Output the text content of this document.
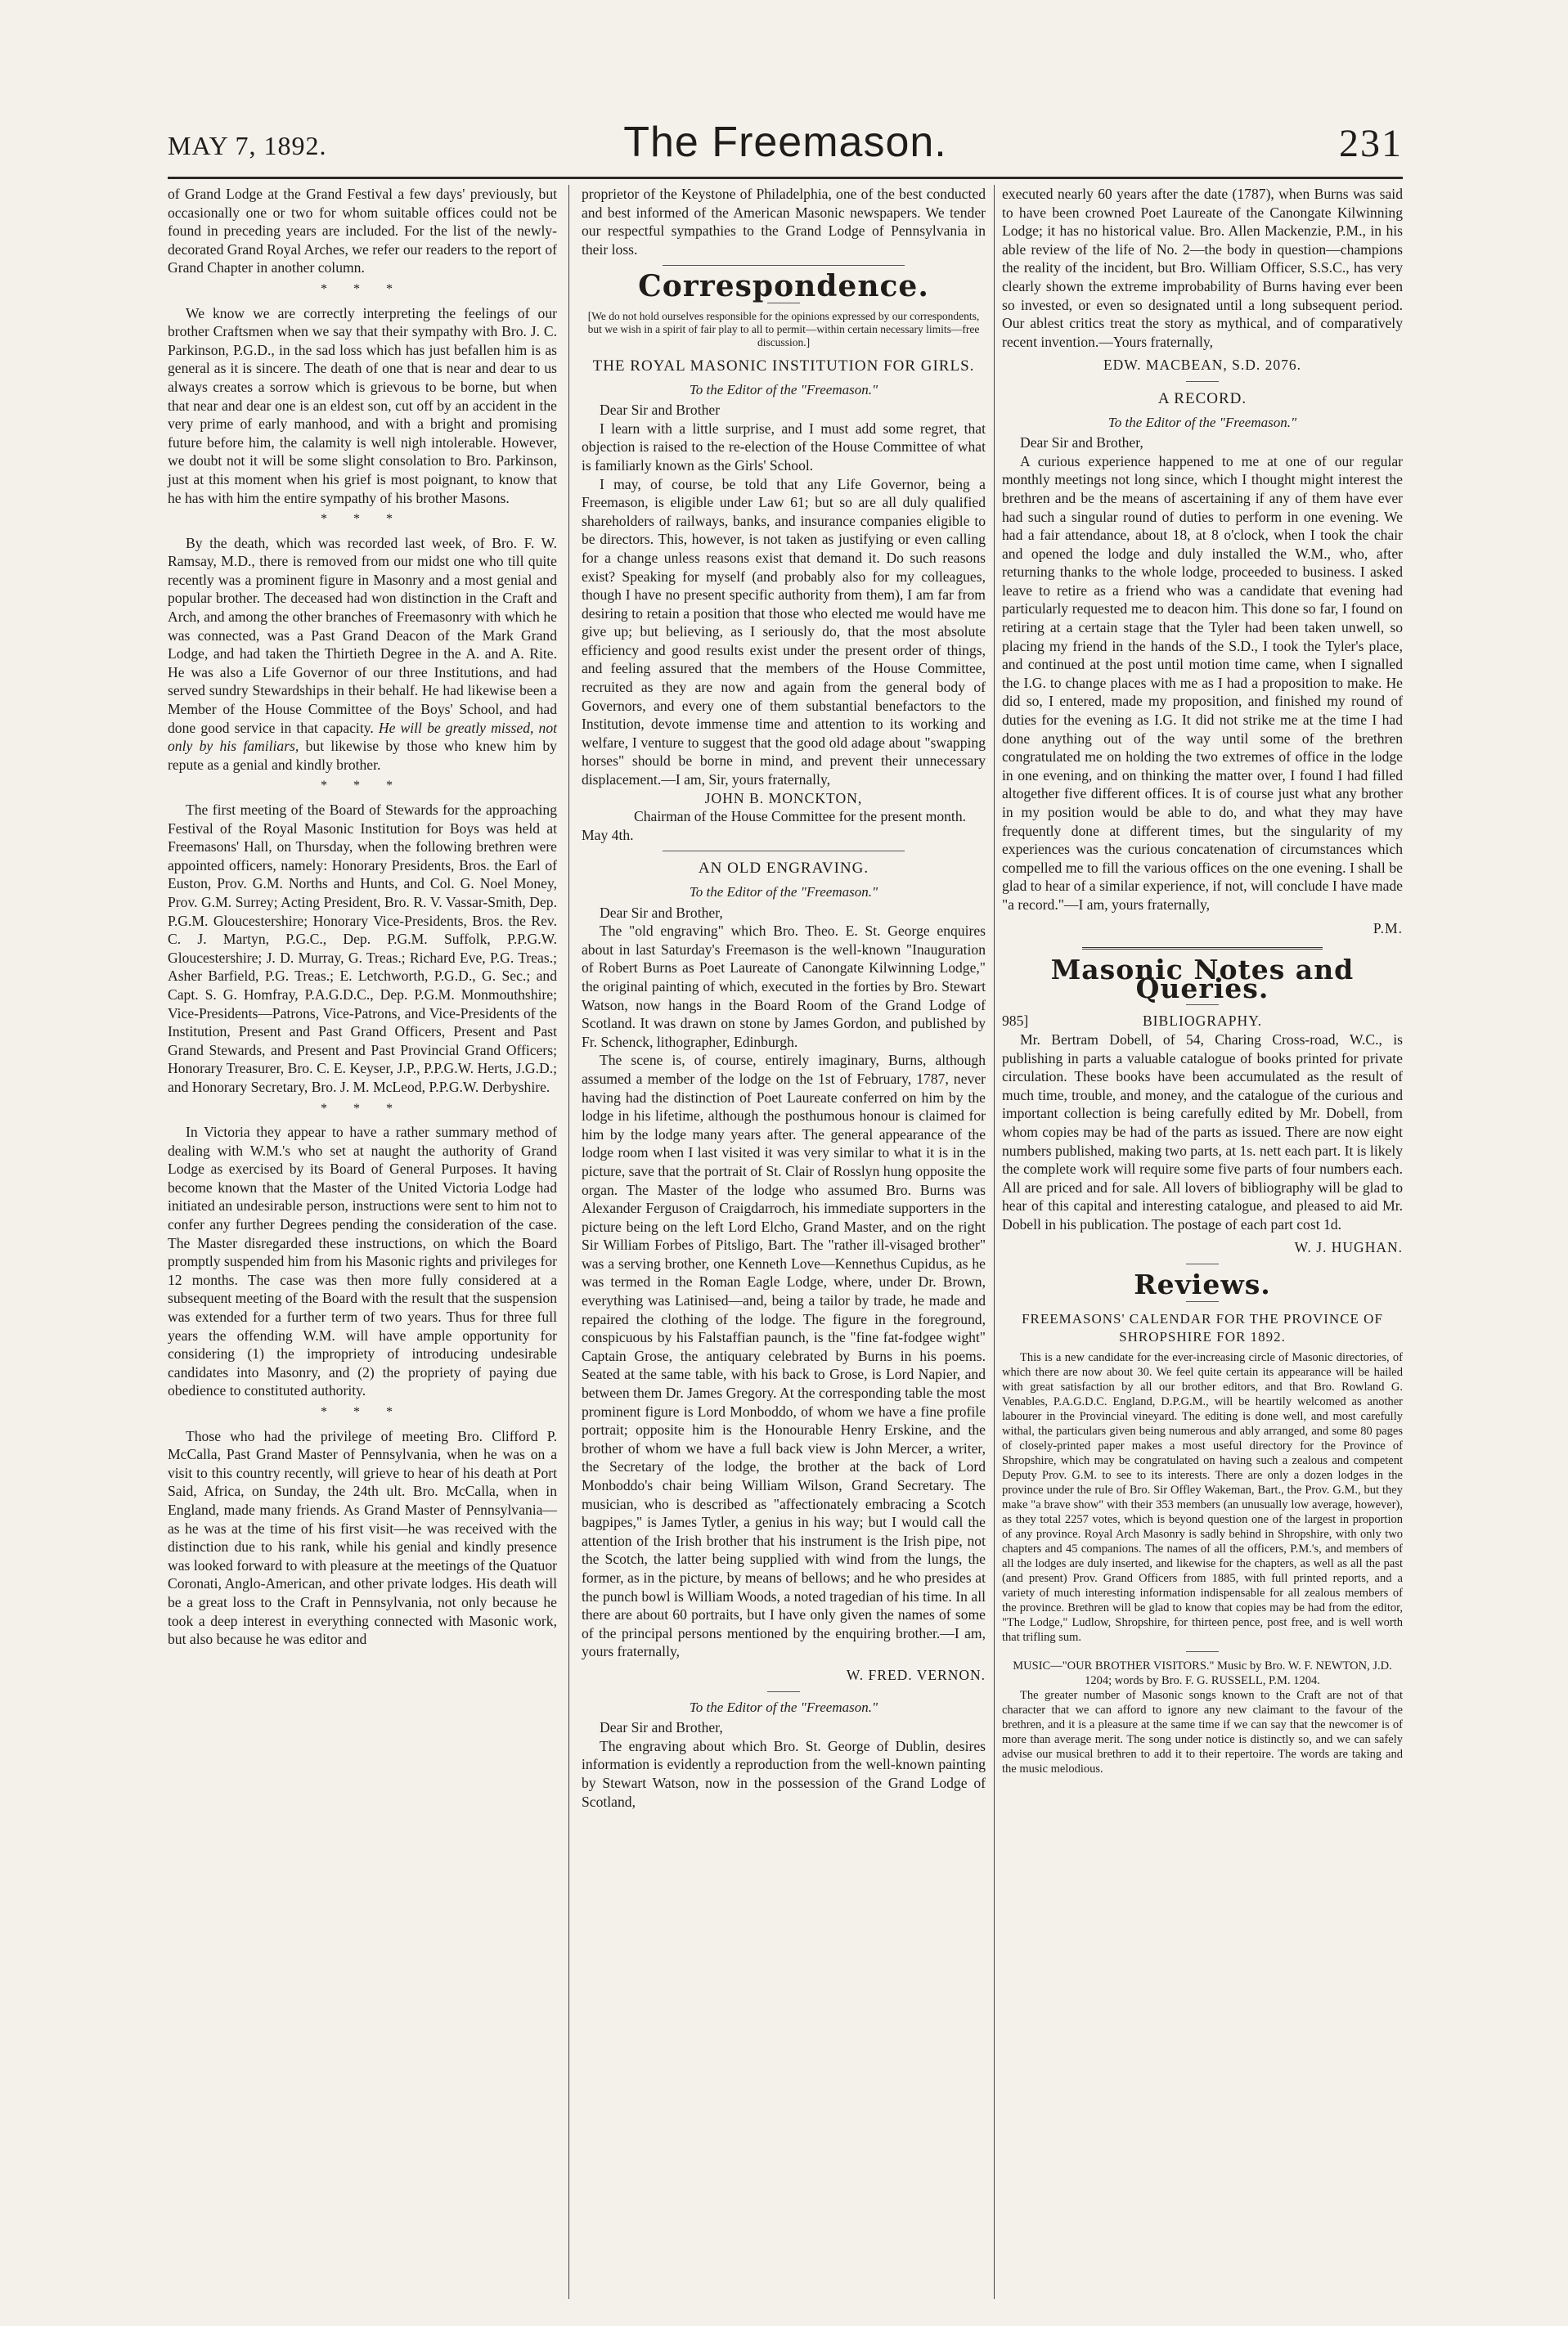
MAY 7, 1892.	The Freemason.	231

of Grand Lodge at the Grand Festival a few days' previously, but occasionally one or two for whom suitable offices could not be found in preceding years are included. For the list of the newly-decorated Grand Royal Arches, we refer our readers to the report of Grand Chapter in another column.

* * *

We know we are correctly interpreting the feelings of our brother Craftsmen when we say that their sympathy with Bro. J. C. Parkinson, P.G.D., in the sad loss which has just befallen him is as general as it is sincere. The death of one that is near and dear to us always creates a sorrow which is grievous to be borne, but when that near and dear one is an eldest son, cut off by an accident in the very prime of early manhood, and with a bright and promising future before him, the calamity is well nigh intolerable. However, we doubt not it will be some slight consolation to Bro. Parkinson, just at this moment when his grief is most poignant, to know that he has with him the entire sympathy of his brother Masons.

* * *

By the death, which was recorded last week, of Bro. F. W. Ramsay, M.D., there is removed from our midst one who till quite recently was a prominent figure in Masonry and a most genial and popular brother. The deceased had won distinction in the Craft and Arch, and among the other branches of Freemasonry with which he was connected, was a Past Grand Deacon of the Mark Grand Lodge, and had taken the Thirtieth Degree in the A. and A. Rite. He was also a Life Governor of our three Institutions, and had served sundry Stewardships in their behalf. He had likewise been a Member of the House Committee of the Boys' School, and had done good service in that capacity. He will be greatly missed, not only by his familiars, but likewise by those who knew him by repute as a genial and kindly brother.

* * *

The first meeting of the Board of Stewards for the approaching Festival of the Royal Masonic Institution for Boys was held at Freemasons' Hall, on Thursday, when the following brethren were appointed officers, namely: Honorary Presidents, Bros. the Earl of Euston, Prov. G.M. Norths and Hunts, and Col. G. Noel Money, Prov. G.M. Surrey; Acting President, Bro. R. V. Vassar-Smith, Dep. P.G.M. Gloucestershire; Honorary Vice-Presidents, Bros. the Rev. C. J. Martyn, P.G.C., Dep. P.G.M. Suffolk, P.P.G.W. Gloucestershire; J. D. Murray, G. Treas.; Richard Eve, P.G. Treas.; Asher Barfield, P.G. Treas.; E. Letchworth, P.G.D., G. Sec.; and Capt. S. G. Homfray, P.A.G.D.C., Dep. P.G.M. Monmouthshire; Vice-Presidents—Patrons, Vice-Patrons, and Vice-Presidents of the Institution, Present and Past Grand Officers, Present and Past Grand Stewards, and Present and Past Provincial Grand Officers; Honorary Treasurer, Bro. C. E. Keyser, J.P., P.P.G.W. Herts, J.G.D.; and Honorary Secretary, Bro. J. M. McLeod, P.P.G.W. Derbyshire.

* * *

In Victoria they appear to have a rather summary method of dealing with W.M.'s who set at naught the authority of Grand Lodge as exercised by its Board of General Purposes. It having become known that the Master of the United Victoria Lodge had initiated an undesirable person, instructions were sent to him not to confer any further Degrees pending the consideration of the case. The Master disregarded these instructions, on which the Board promptly suspended him from his Masonic rights and privileges for 12 months. The case was then more fully considered at a subsequent meeting of the Board with the result that the suspension was extended for a further term of two years. Thus for three full years the offending W.M. will have ample opportunity for considering (1) the impropriety of introducing undesirable candidates into Masonry, and (2) the propriety of paying due obedience to constituted authority.

* * *

Those who had the privilege of meeting Bro. Clifford P. McCalla, Past Grand Master of Pennsylvania, when he was on a visit to this country recently, will grieve to hear of his death at Port Said, Africa, on Sunday, the 24th ult. Bro. McCalla, when in England, made many friends. As Grand Master of Pennsylvania—as he was at the time of his first visit—he was received with the distinction due to his rank, while his genial and kindly presence was looked forward to with pleasure at the meetings of the Quatuor Coronati, Anglo-American, and other private lodges. His death will be a great loss to the Craft in Pennsylvania, not only because he took a deep interest in everything connected with Masonic work, but also because he was editor and

proprietor of the Keystone of Philadelphia, one of the best conducted and best informed of the American Masonic newspapers. We tender our respectful sympathies to the Grand Lodge of Pennsylvania in their loss.

Correspondence.
[We do not hold ourselves responsible for the opinions expressed by our correspondents, but we wish in a spirit of fair play to all to permit—within certain necessary limits—free discussion.]
THE ROYAL MASONIC INSTITUTION FOR GIRLS.
To the Editor of the "Freemason."

Dear Sir and Brother

I learn with a little surprise, and I must add some regret, that objection is raised to the re-election of the House Committee of what is familiarly known as the Girls' School.

I may, of course, be told that any Life Governor, being a Freemason, is eligible under Law 61; but so are all duly qualified shareholders of railways, banks, and insurance companies eligible to be directors. This, however, is not taken as justifying or even calling for a change unless reasons exist that demand it. Do such reasons exist? Speaking for myself (and probably also for my colleagues, though I have no present specific authority from them), I am far from desiring to retain a position that those who elected me would have me give up; but believing, as I seriously do, that the most absolute efficiency and good results exist under the present order of things, and feeling assured that the members of the House Committee, recruited as they are now and again from the general body of Governors, and every one of them substantial benefactors to the Institution, devote immense time and attention to its working and welfare, I venture to suggest that the good old adage about "swapping horses" should be borne in mind, and prevent their unnecessary displacement.—I am, Sir, yours fraternally,

JOHN B. MONCKTON,
Chairman of the House Committee for the present month.

May 4th.

AN OLD ENGRAVING.
To the Editor of the "Freemason."

Dear Sir and Brother,

The "old engraving" which Bro. Theo. E. St. George enquires about in last Saturday's Freemason is the well-known "Inauguration of Robert Burns as Poet Laureate of Canongate Kilwinning Lodge," the original painting of which, executed in the forties by Bro. Stewart Watson, now hangs in the Board Room of the Grand Lodge of Scotland. It was drawn on stone by James Gordon, and published by Fr. Schenck, lithographer, Edinburgh.

The scene is, of course, entirely imaginary, Burns, although assumed a member of the lodge on the 1st of February, 1787, never having had the distinction of Poet Laureate conferred on him by the lodge in his lifetime, although the posthumous honour is claimed for him by the lodge many years after. The general appearance of the lodge room when I last visited it was very similar to what it is in the picture, save that the portrait of St. Clair of Rosslyn hung opposite the organ. The Master of the lodge who assumed Bro. Burns was Alexander Ferguson of Craigdarroch, his immediate supporters in the picture being on the left Lord Elcho, Grand Master, and on the right Sir William Forbes of Pitsligo, Bart. The "rather ill-visaged brother" was a serving brother, one Kenneth Love—Kennethus Cupidus, as he was termed in the Roman Eagle Lodge, where, under Dr. Brown, everything was Latinised—and, being a tailor by trade, he made and repaired the clothing of the lodge. The figure in the foreground, conspicuous by his Falstaffian paunch, is the "fine fat-fodgee wight" Captain Grose, the antiquary celebrated by Burns in his poems. Seated at the same table, with his back to Grose, is Lord Napier, and between them Dr. James Gregory. At the corresponding table the most prominent figure is Lord Monboddo, of whom we have a fine profile portrait; opposite him is the Honourable Henry Erskine, and the brother of whom we have a full back view is John Mercer, a writer, the Secretary of the lodge, the brother at the back of Lord Monboddo's chair being William Wilson, Grand Secretary. The musician, who is described as "affectionately embracing a Scotch bagpipes," is James Tytler, a genius in his way; but I would call the attention of the Irish brother that his instrument is the Irish pipe, not the Scotch, the latter being supplied with wind from the lungs, the former, as in the picture, by means of bellows; and he who presides at the punch bowl is William Woods, a noted tragedian of his time. In all there are about 60 portraits, but I have only given the names of some of the principal persons mentioned by the enquiring brother.—I am, yours fraternally,

W. FRED. VERNON.
To the Editor of the "Freemason."

Dear Sir and Brother,

The engraving about which Bro. St. George of Dublin, desires information is evidently a reproduction from the well-known painting by Stewart Watson, now in the possession of the Grand Lodge of Scotland,

executed nearly 60 years after the date (1787), when Burns was said to have been crowned Poet Laureate of the Canongate Kilwinning Lodge; it has no historical value. Bro. Allen Mackenzie, P.M., in his able review of the life of No. 2—the body in question—champions the reality of the incident, but Bro. William Officer, S.S.C., has very clearly shown the extreme improbability of Burns having ever been so invested, or even so designated until a long subsequent period. Our ablest critics treat the story as mythical, and of comparatively recent invention.—Yours fraternally,

EDW. MACBEAN, S.D. 2076.
A RECORD.
To the Editor of the "Freemason."

Dear Sir and Brother,

A curious experience happened to me at one of our regular monthly meetings not long since, which I thought might interest the brethren and be the means of ascertaining if any of them have ever had such a singular round of duties to perform in one evening. We had a fair attendance, about 18, at 8 o'clock, when I took the chair and opened the lodge and duly installed the W.M., who, after returning thanks to the whole lodge, proceeded to business. I asked leave to retire as a friend who was a candidate that evening had particularly requested me to deacon him. This done so far, I found on retiring at a certain stage that the Tyler had been taken unwell, so placing my friend in the hands of the S.D., I took the Tyler's place, and continued at the post until motion time came, when I signalled the I.G. to change places with me as I had a proposition to make. He did so, I entered, made my proposition, and finished my round of duties for the evening as I.G. It did not strike me at the time I had done anything out of the way until some of the brethren congratulated me on holding the two extremes of office in the lodge in one evening, and on thinking the matter over, I found I had filled altogether five different offices. It is of course just what any brother in my position would be able to do, and what they may have frequently done at different times, but the singularity of my experiences was the curious concatenation of circumstances which compelled me to fill the various offices on the one evening. I shall be glad to hear of a similar experience, if not, will conclude I have made "a record."—I am, yours fraternally,

P.M.
Masonic Notes and Queries.
985]	BIBLIOGRAPHY.

Mr. Bertram Dobell, of 54, Charing Cross-road, W.C., is publishing in parts a valuable catalogue of books printed for private circulation. These books have been accumulated as the result of much time, trouble, and money, and the catalogue of the curious and important collection is being carefully edited by Mr. Dobell, from whom copies may be had of the parts as issued. There are now eight numbers published, making two parts, at 1s. nett each part. It is likely the complete work will require some five parts of four numbers each. All are priced and for sale. All lovers of bibliography will be glad to hear of this capital and interesting catalogue, and pleased to aid Mr. Dobell in his publication. The postage of each part cost 1d.

W. J. HUGHAN.
Reviews.
FREEMASONS' CALENDAR FOR THE PROVINCE OF SHROPSHIRE FOR 1892.

This is a new candidate for the ever-increasing circle of Masonic directories, of which there are now about 30. We feel quite certain its appearance will be hailed with great satisfaction by all our brother editors, and that Bro. Rowland G. Venables, P.A.G.D.C. England, D.P.G.M., will be heartily welcomed as another labourer in the Provincial vineyard. The editing is done well, and most carefully withal, the particulars given being numerous and ably arranged, and some 80 pages of closely-printed paper makes a most useful directory for the Province of Shropshire, which may be congratulated on having such a zealous and competent Deputy Prov. G.M. to see to its interests. There are only a dozen lodges in the province under the rule of Bro. Sir Offley Wakeman, Bart., the Prov. G.M., but they make "a brave show" with their 353 members (an unusually low average, however), as they total 2257 votes, which is beyond question one of the largest in proportion of any province. Royal Arch Masonry is sadly behind in Shropshire, with only two chapters and 45 companions. The names of all the officers, P.M.'s, and members of all the lodges are duly inserted, and likewise for the chapters, as well as all the past (and present) Prov. Grand Officers from 1885, with full printed reports, and a variety of much interesting information indispensable for all zealous members of the province. Brethren will be glad to know that copies may be had from the editor, "The Lodge," Ludlow, Shropshire, for thirteen pence, post free, and is well worth that trifling sum.

MUSIC—"OUR BROTHER VISITORS." Music by Bro. W. F. NEWTON, J.D. 1204; words by Bro. F. G. RUSSELL, P.M. 1204.

The greater number of Masonic songs known to the Craft are not of that character that we can afford to ignore any new claimant to the favour of the brethren, and it is a pleasure at the same time if we can say that the newcomer is of more than average merit. The song under notice is distinctly so, and we can safely advise our musical brethren to add it to their repertoire. The words are taking and the music melodious.
